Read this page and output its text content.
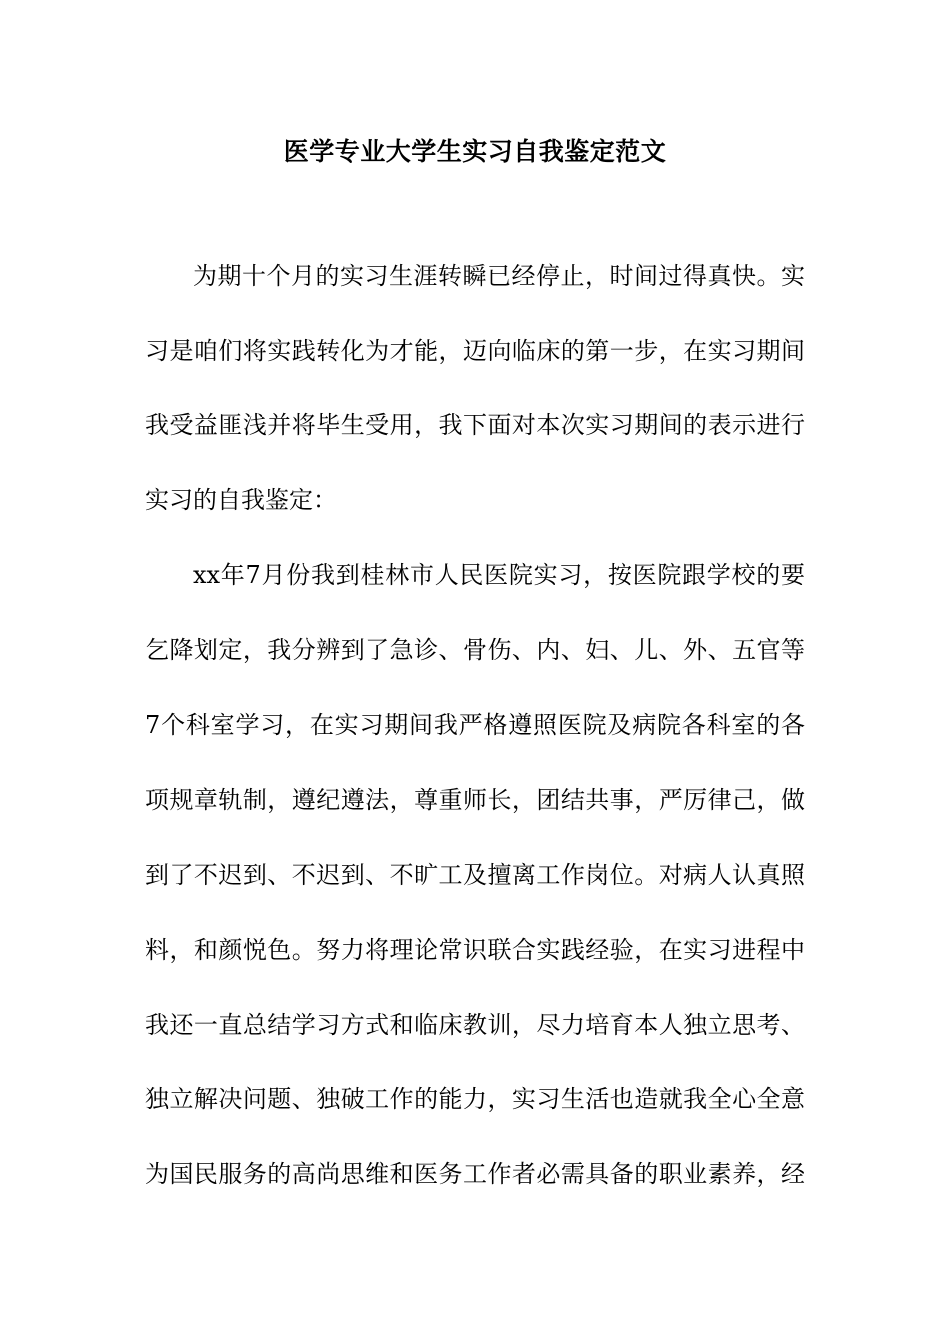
医学专业大学生实习自我鉴定范文
为期十个月的实习生涯转瞬已经停止，时间过得真快。实
习是咱们将实践转化为才能，迈向临床的第一步，在实习期间
我受益匪浅并将毕生受用，我下面对本次实习期间的表示进行
实习的自我鉴定：
xx年7月份我到桂林市人民医院实习，按医院跟学校的要
乞降划定，我分辨到了急诊、骨伤、内、妇、儿、外、五官等
7个科室学习，在实习期间我严格遵照医院及病院各科室的各
项规章轨制，遵纪遵法，尊重师长，团结共事，严厉律己，做
到了不迟到、不迟到、不旷工及擅离工作岗位。对病人认真照
料，和颜悦色。努力将理论常识联合实践经验，在实习进程中
我还一直总结学习方式和临床教训，尽力培育本人独立思考、
独立解决问题、独破工作的能力，实习生活也造就我全心全意
为国民服务的高尚思维和医务工作者必需具备的职业素养，经
